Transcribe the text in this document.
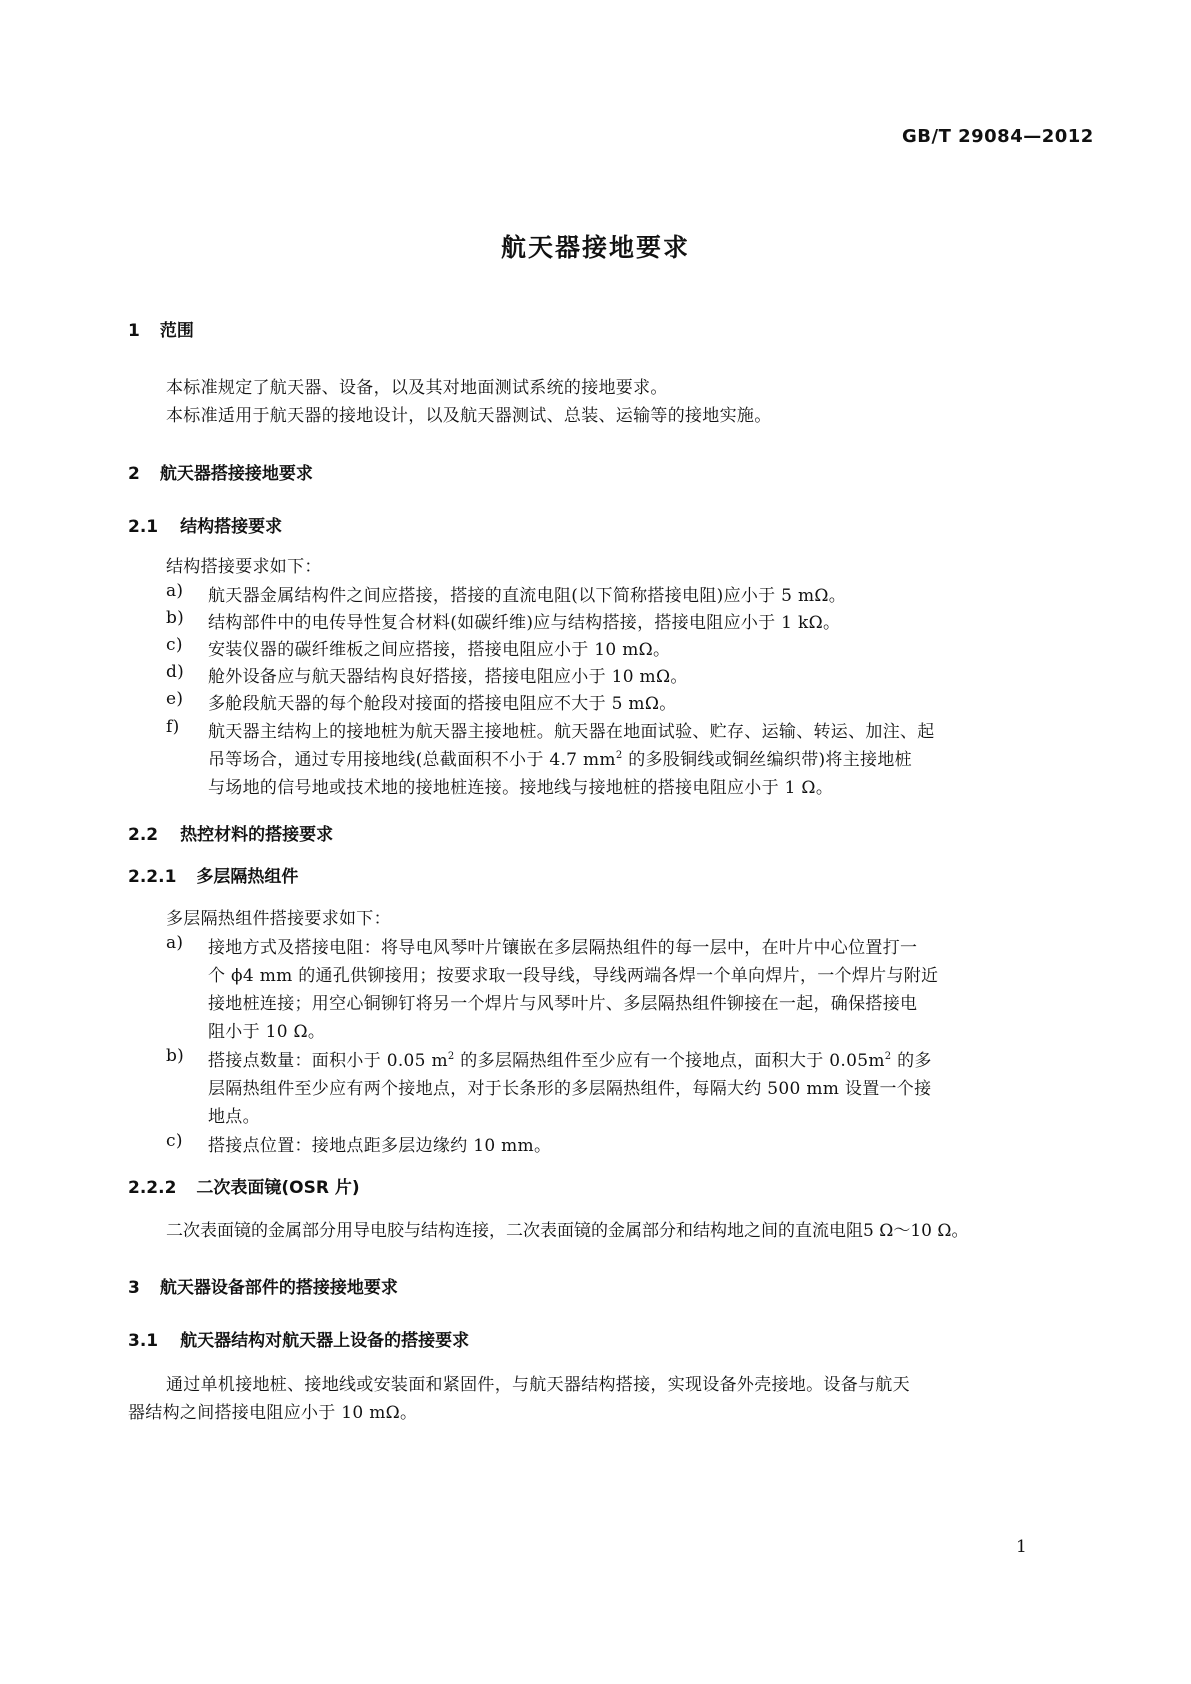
GB/T 29084—2012
航天器接地要求
1 范围
本标准规定了航天器、设备，以及其对地面测试系统的接地要求。
本标准适用于航天器的接地设计，以及航天器测试、总装、运输等的接地实施。
2 航天器搭接接地要求
2.1 结构搭接要求
结构搭接要求如下：
a) 航天器金属结构件之间应搭接，搭接的直流电阻(以下简称搭接电阻)应小于 5 mΩ。
b) 结构部件中的电传导性复合材料(如碳纤维)应与结构搭接，搭接电阻应小于 1 kΩ。
c) 安装仪器的碳纤维板之间应搭接，搭接电阻应小于 10 mΩ。
d) 舱外设备应与航天器结构良好搭接，搭接电阻应小于 10 mΩ。
e) 多舱段航天器的每个舱段对接面的搭接电阻应不大于 5 mΩ。
f) 航天器主结构上的接地桩为航天器主接地桩。航天器在地面试验、贮存、运输、转运、加注、起
吊等场合，通过专用接地线(总截面积不小于 4.7 $mm^2$ 的多股铜线或铜丝编织带)将主接地桩
与场地的信号地或技术地的接地桩连接。接地线与接地桩的搭接电阻应小于 1 Ω。
2.2 热控材料的搭接要求
2.2.1 多层隔热组件
多层隔热组件搭接要求如下：
a) 接地方式及搭接电阻：将导电风琴叶片镶嵌在多层隔热组件的每一层中，在叶片中心位置打一
个 ϕ4 mm 的通孔供铆接用；按要求取一段导线，导线两端各焊一个单向焊片，一个焊片与附近
接地桩连接；用空心铜铆钉将另一个焊片与风琴叶片、多层隔热组件铆接在一起，确保搭接电
阻小于 10 Ω。
b) 搭接点数量：面积小于 0.05 $m^2$ 的多层隔热组件至少应有一个接地点，面积大于 $0.05m^2$ 的多
层隔热组件至少应有两个接地点，对于长条形的多层隔热组件，每隔大约 500 mm 设置一个接
地点。
c) 搭接点位置：接地点距多层边缘约 10 mm。
2.2.2 二次表面镜(OSR 片)
二次表面镜的金属部分用导电胶与结构连接，二次表面镜的金属部分和结构地之间的直流电阻5 Ω～10 Ω。
3 航天器设备部件的搭接接地要求
3.1 航天器结构对航天器上设备的搭接要求
通过单机接地桩、接地线或安装面和紧固件，与航天器结构搭接，实现设备外壳接地。设备与航天
器结构之间搭接电阻应小于 10 mΩ。
1
